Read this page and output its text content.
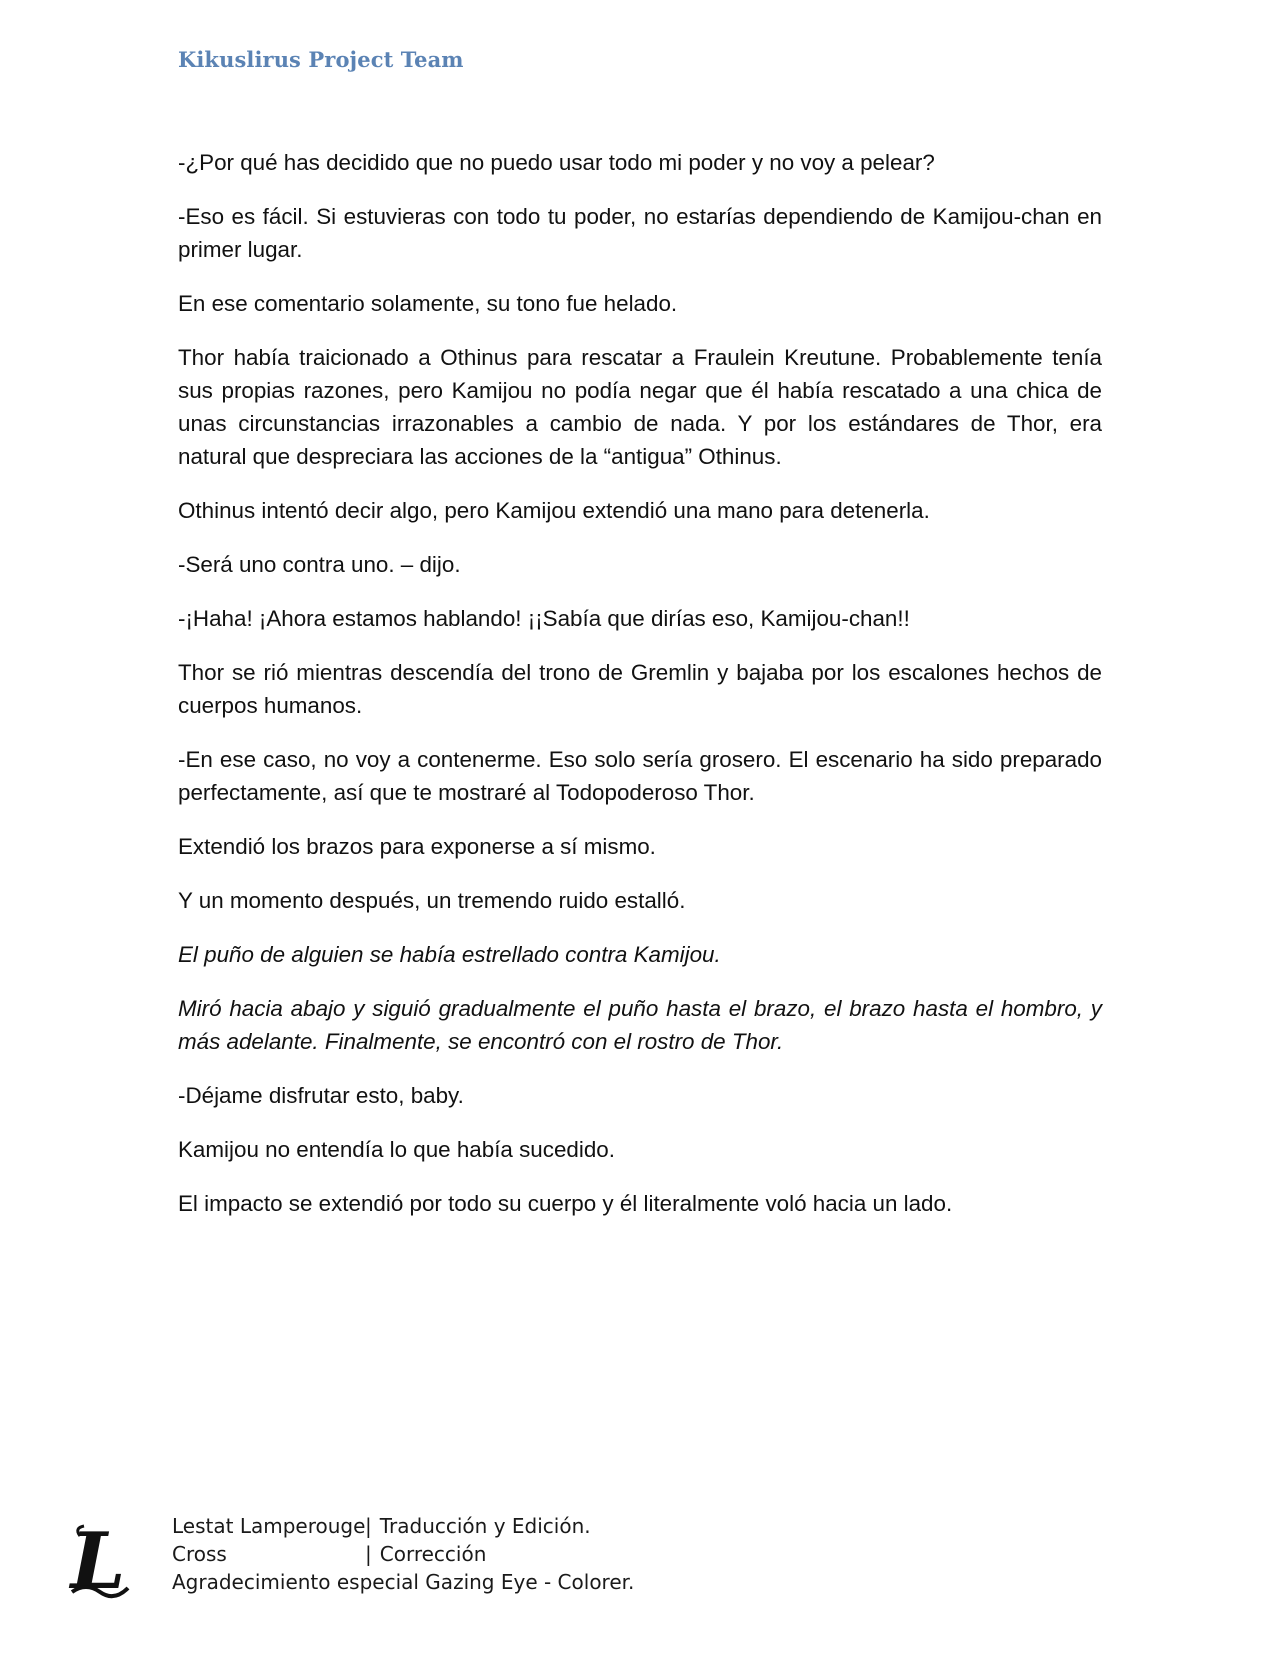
Kikuslirus Project Team

-¿Por qué has decidido que no puedo usar todo mi poder y no voy a pelear?

-Eso es fácil. Si estuvieras con todo tu poder, no estarías dependiendo de Kamijou-chan en primer lugar.

En ese comentario solamente, su tono fue helado.

Thor había traicionado a Othinus para rescatar a Fraulein Kreutune. Probablemente tenía sus propias razones, pero Kamijou no podía negar que él había rescatado a una chica de unas circunstancias irrazonables a cambio de nada. Y por los estándares de Thor, era natural que despreciara las acciones de la “antigua” Othinus.

Othinus intentó decir algo, pero Kamijou extendió una mano para detenerla.

-Será uno contra uno. – dijo.

-¡Haha! ¡Ahora estamos hablando! ¡¡Sabía que dirías eso, Kamijou-chan!!

Thor se rió mientras descendía del trono de Gremlin y bajaba por los escalones hechos de cuerpos humanos.

-En ese caso, no voy a contenerme. Eso solo sería grosero. El escenario ha sido preparado perfectamente, así que te mostraré al Todopoderoso Thor.

Extendió los brazos para exponerse a sí mismo.

Y un momento después, un tremendo ruido estalló.

El puño de alguien se había estrellado contra Kamijou.

Miró hacia abajo y siguió gradualmente el puño hasta el brazo, el brazo hasta el hombro, y más adelante. Finalmente, se encontró con el rostro de Thor.

-Déjame disfrutar esto, baby.

Kamijou no entendía lo que había sucedido.

El impacto se extendió por todo su cuerpo y él literalmente voló hacia un lado.

L Lestat Lamperouge | Traducción y Edición.
Cross	| Corrección
Agradecimiento especial Gazing Eye - Colorer.
